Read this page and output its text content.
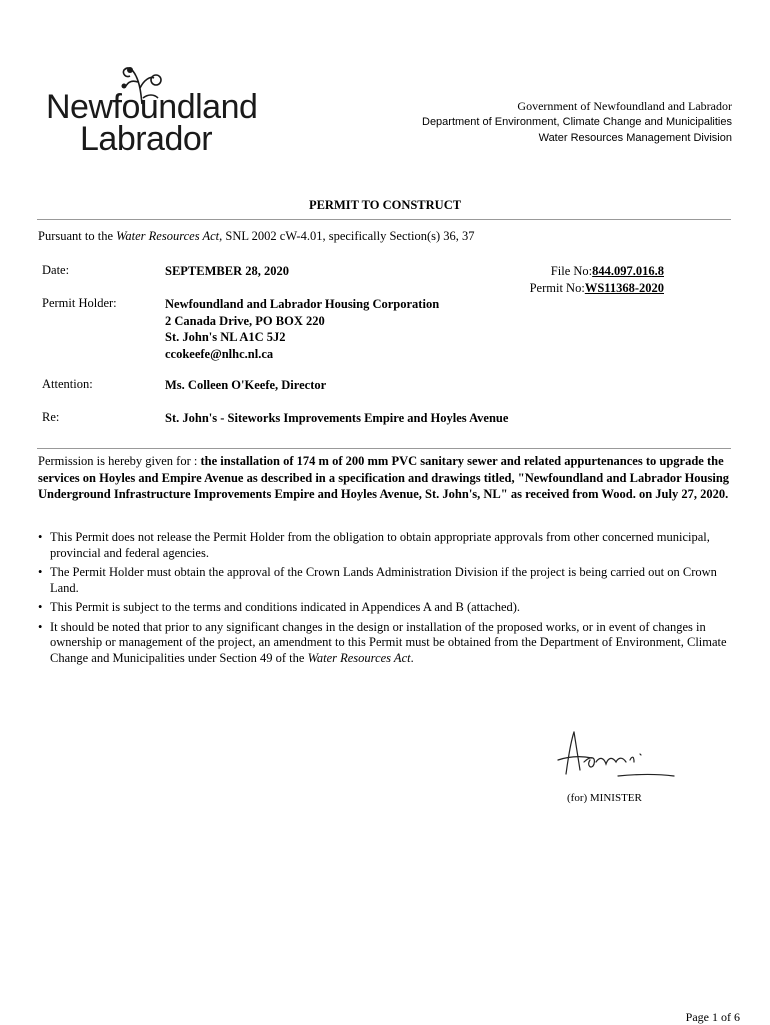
Newfoundland
Labrador
Government of Newfoundland and Labrador
Department of Environment, Climate Change and Municipalities
Water Resources Management Division
PERMIT TO CONSTRUCT
Pursuant to the Water Resources Act, SNL 2002 cW-4.01, specifically Section(s) 36, 37
Date:	SEPTEMBER 28, 2020	File No:844.097.016.8
Permit No:WS11368-2020
Permit Holder:	Newfoundland and Labrador Housing Corporation
2 Canada Drive, PO BOX 220
St. John's NL A1C 5J2
ccokeefe@nlhc.nl.ca
Attention:	Ms. Colleen O'Keefe, Director
Re:	St. John's - Siteworks Improvements Empire and Hoyles Avenue
Permission is hereby given for : the installation of 174 m of 200 mm PVC sanitary sewer and related appurtenances to upgrade the services on Hoyles and Empire Avenue as described in a specification and drawings titled, "Newfoundland and Labrador Housing Underground Infrastructure Improvements Empire and Hoyles Avenue, St. John's, NL" as received from Wood. on July 27, 2020.
• This Permit does not release the Permit Holder from the obligation to obtain appropriate approvals from other concerned municipal, provincial and federal agencies.
• The Permit Holder must obtain the approval of the Crown Lands Administration Division if the project is being carried out on Crown Land.
• This Permit is subject to the terms and conditions indicated in Appendices A and B (attached).
• It should be noted that prior to any significant changes in the design or installation of the proposed works, or in event of changes in ownership or management of the project, an amendment to this Permit must be obtained from the Department of Environment, Climate Change and Municipalities under Section 49 of the Water Resources Act.
(for) MINISTER
Page 1 of 6
